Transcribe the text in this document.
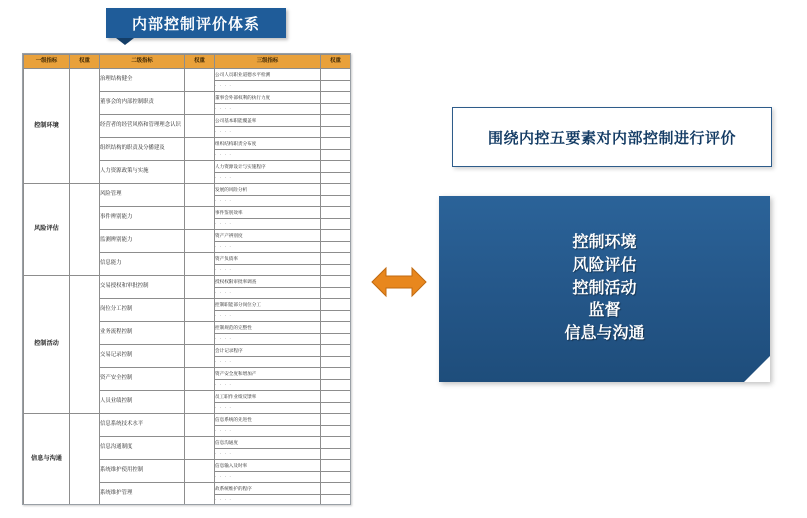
内部控制评价体系
一级指标	权重	二级指标	权重	三级指标	权重
控制环境		治理结构健全		公司人员职业道德水平检测	
				· · · ·	
		董事会的内部控制职责		董事会外部权利的执行力度	
				· · · ·	
		经营者的经营风格和管理理念认识		公司基本职能覆盖率	
				· · · ·	
		组织结构的职责及分播建及		组织结构职责分布度	
				· · · ·	
		人力资源政策与实施		人力资源设计与实施程序	
				· · · ·	
风险评估		风险管理		发展的风险分析	
				· · · ·	
		事件辨别能力		事件鉴别效率	
				· · · ·	
		监测辨别能力		资产产辨别度	
				· · · ·	
		信息能力		资产负债率	
				· · · ·	
控制活动		交易授权和审批控制		授权权限审批率调查	
				· · · ·	
		岗位分工控制		控制职能部分岗位分工	
				· · · ·	
		业务流程控制		控制规范的完整性	
				· · · ·	
		交易记录控制		会计记录程序	
				· · · ·	
		资产安全控制		资产安全度和增加产	
				· · · ·	
		人员业绩控制		员工职作业绩反馈率	
				· · · ·	
信息与沟通		信息系统技术水平		信息系统的先进性	
				· · · ·	
		信息沟通制度		信息沟通度	
				· · · ·	
		系统维护使用控制		信息输入及时率	
				· · · ·	
		系统维护管理		故系统维护的程序	
				· · · ·	
围绕内控五要素对内部控制进行评价
控制环境
风险评估
控制活动
监督
信息与沟通
